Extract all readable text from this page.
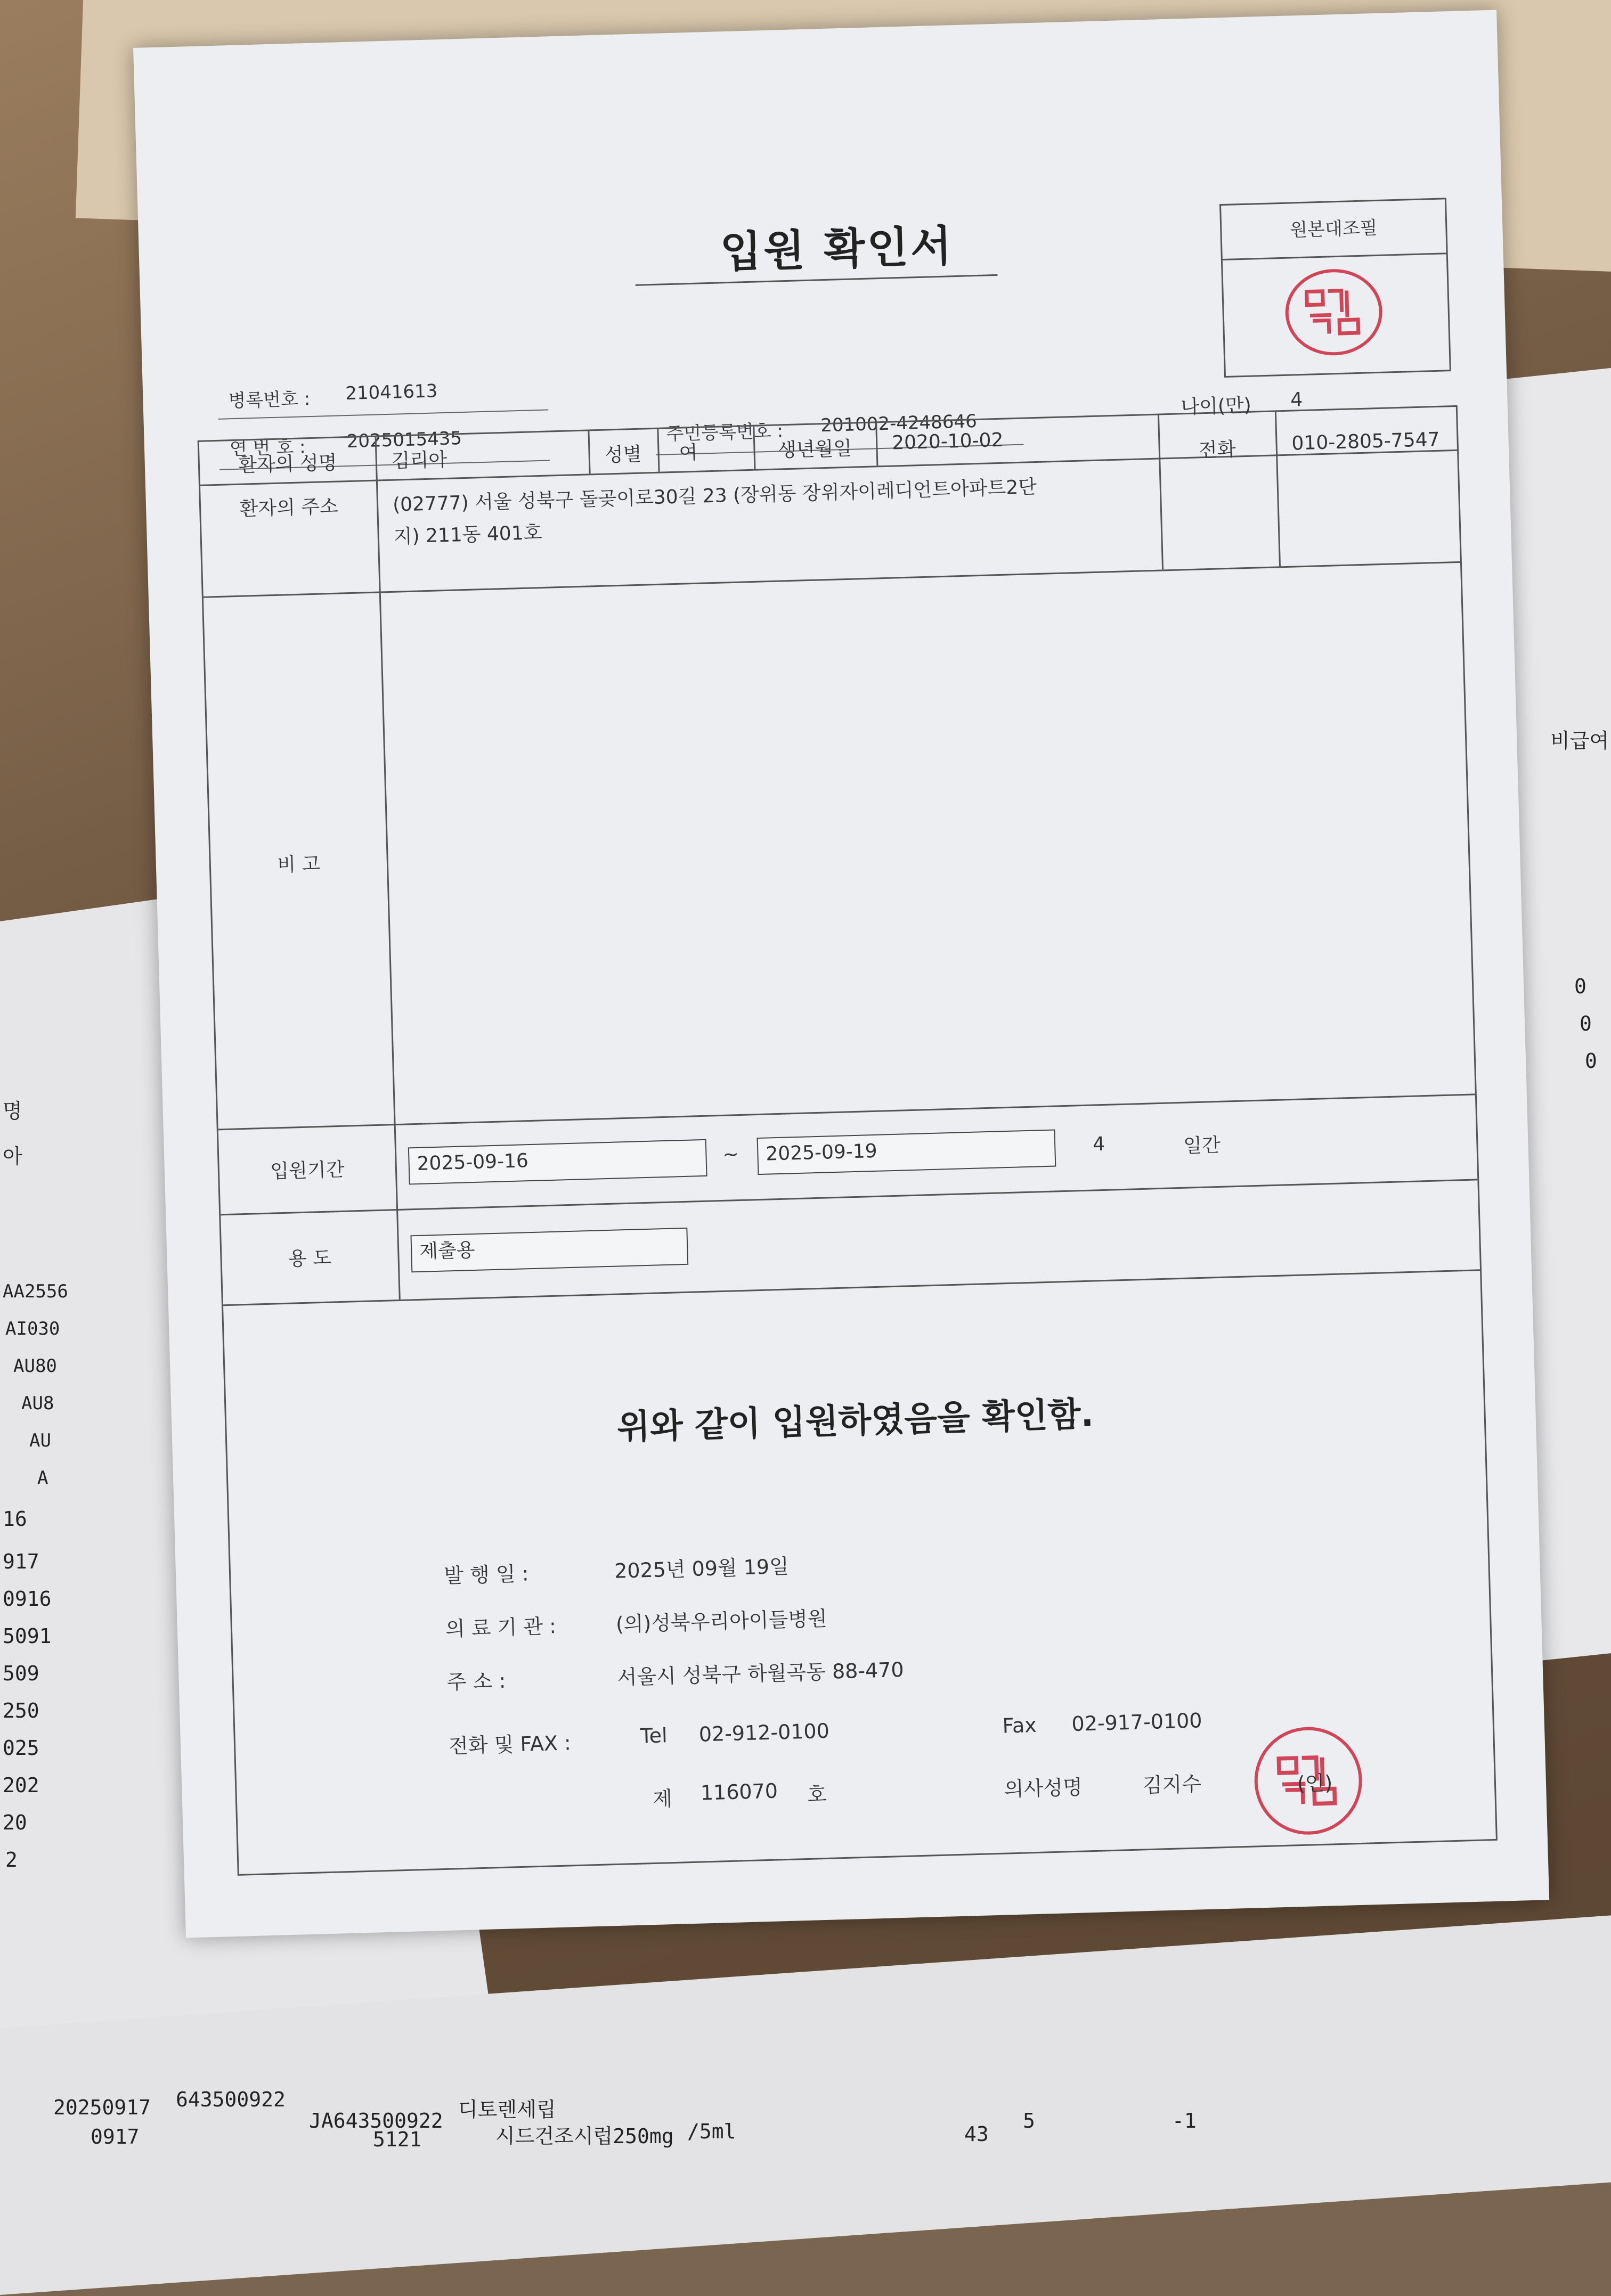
명
아
AA2556
AI030
AU80
AU8
AU
A
16
917
0916
5091
509
250
025
202
20
2
20250917 643500922
JA643500922 디토렌세립
0917	5121	시드건조시럽250mg /5ml	43
5	-1
비급여
0
0
0
입원 확인서	원본대조필
병록번호 : 21041613
연 번 호 : 2025015435	주민등록번호 : 201002-4248646
환자의 성명	김리아	성별	여	생년월일	2020-10-02
나이(만)	4
환자의 주소	(02777) 서울 성북구 돌곶이로30길 23 (장위동 장위자이레디언트아파트2단
지) 211동 401호
전화	010-2805-7547
비 고
입원기간	2025-09-16	~	2025-09-19	4	일간
용 도	제출용
위와 같이 입원하였음을 확인함.
발 행 일 :	2025년 09월 19일
의 료 기 관 :	(의)성북우리아이들병원
주 소 :	서울시 성북구 하월곡동 88-470
전화 및 FAX :	Tel 02-912-0100	Fax 02-917-0100
제 116070 호	의사성명	김지수	(인)
